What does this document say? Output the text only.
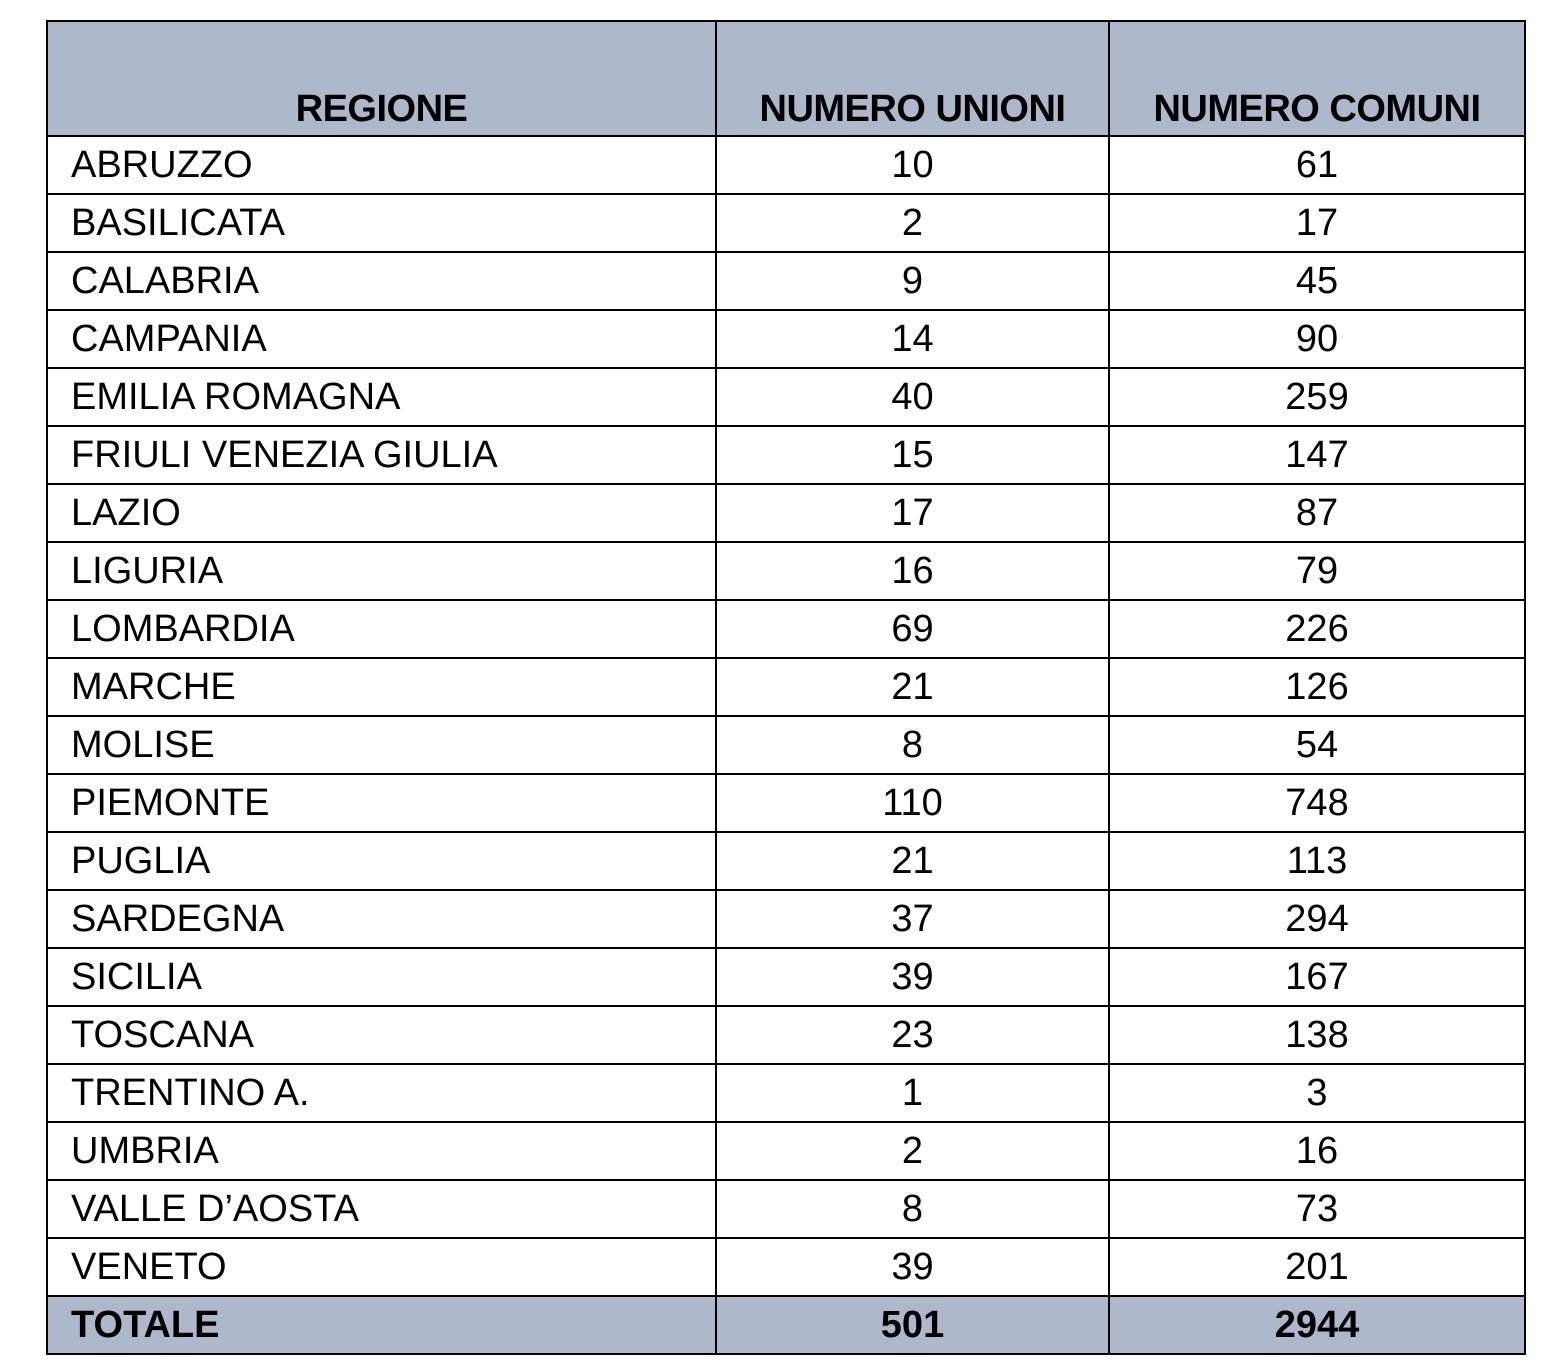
REGIONE	NUMERO UNIONI	NUMERO COMUNI
ABRUZZO	10	61
BASILICATA	2	17
CALABRIA	9	45
CAMPANIA	14	90
EMILIA ROMAGNA	40	259
FRIULI VENEZIA GIULIA	15	147
LAZIO	17	87
LIGURIA	16	79
LOMBARDIA	69	226
MARCHE	21	126
MOLISE	8	54
PIEMONTE	110	748
PUGLIA	21	113
SARDEGNA	37	294
SICILIA	39	167
TOSCANA	23	138
TRENTINO A.	1	3
UMBRIA	2	16
VALLE D’AOSTA	8	73
VENETO	39	201
TOTALE	501	2944
